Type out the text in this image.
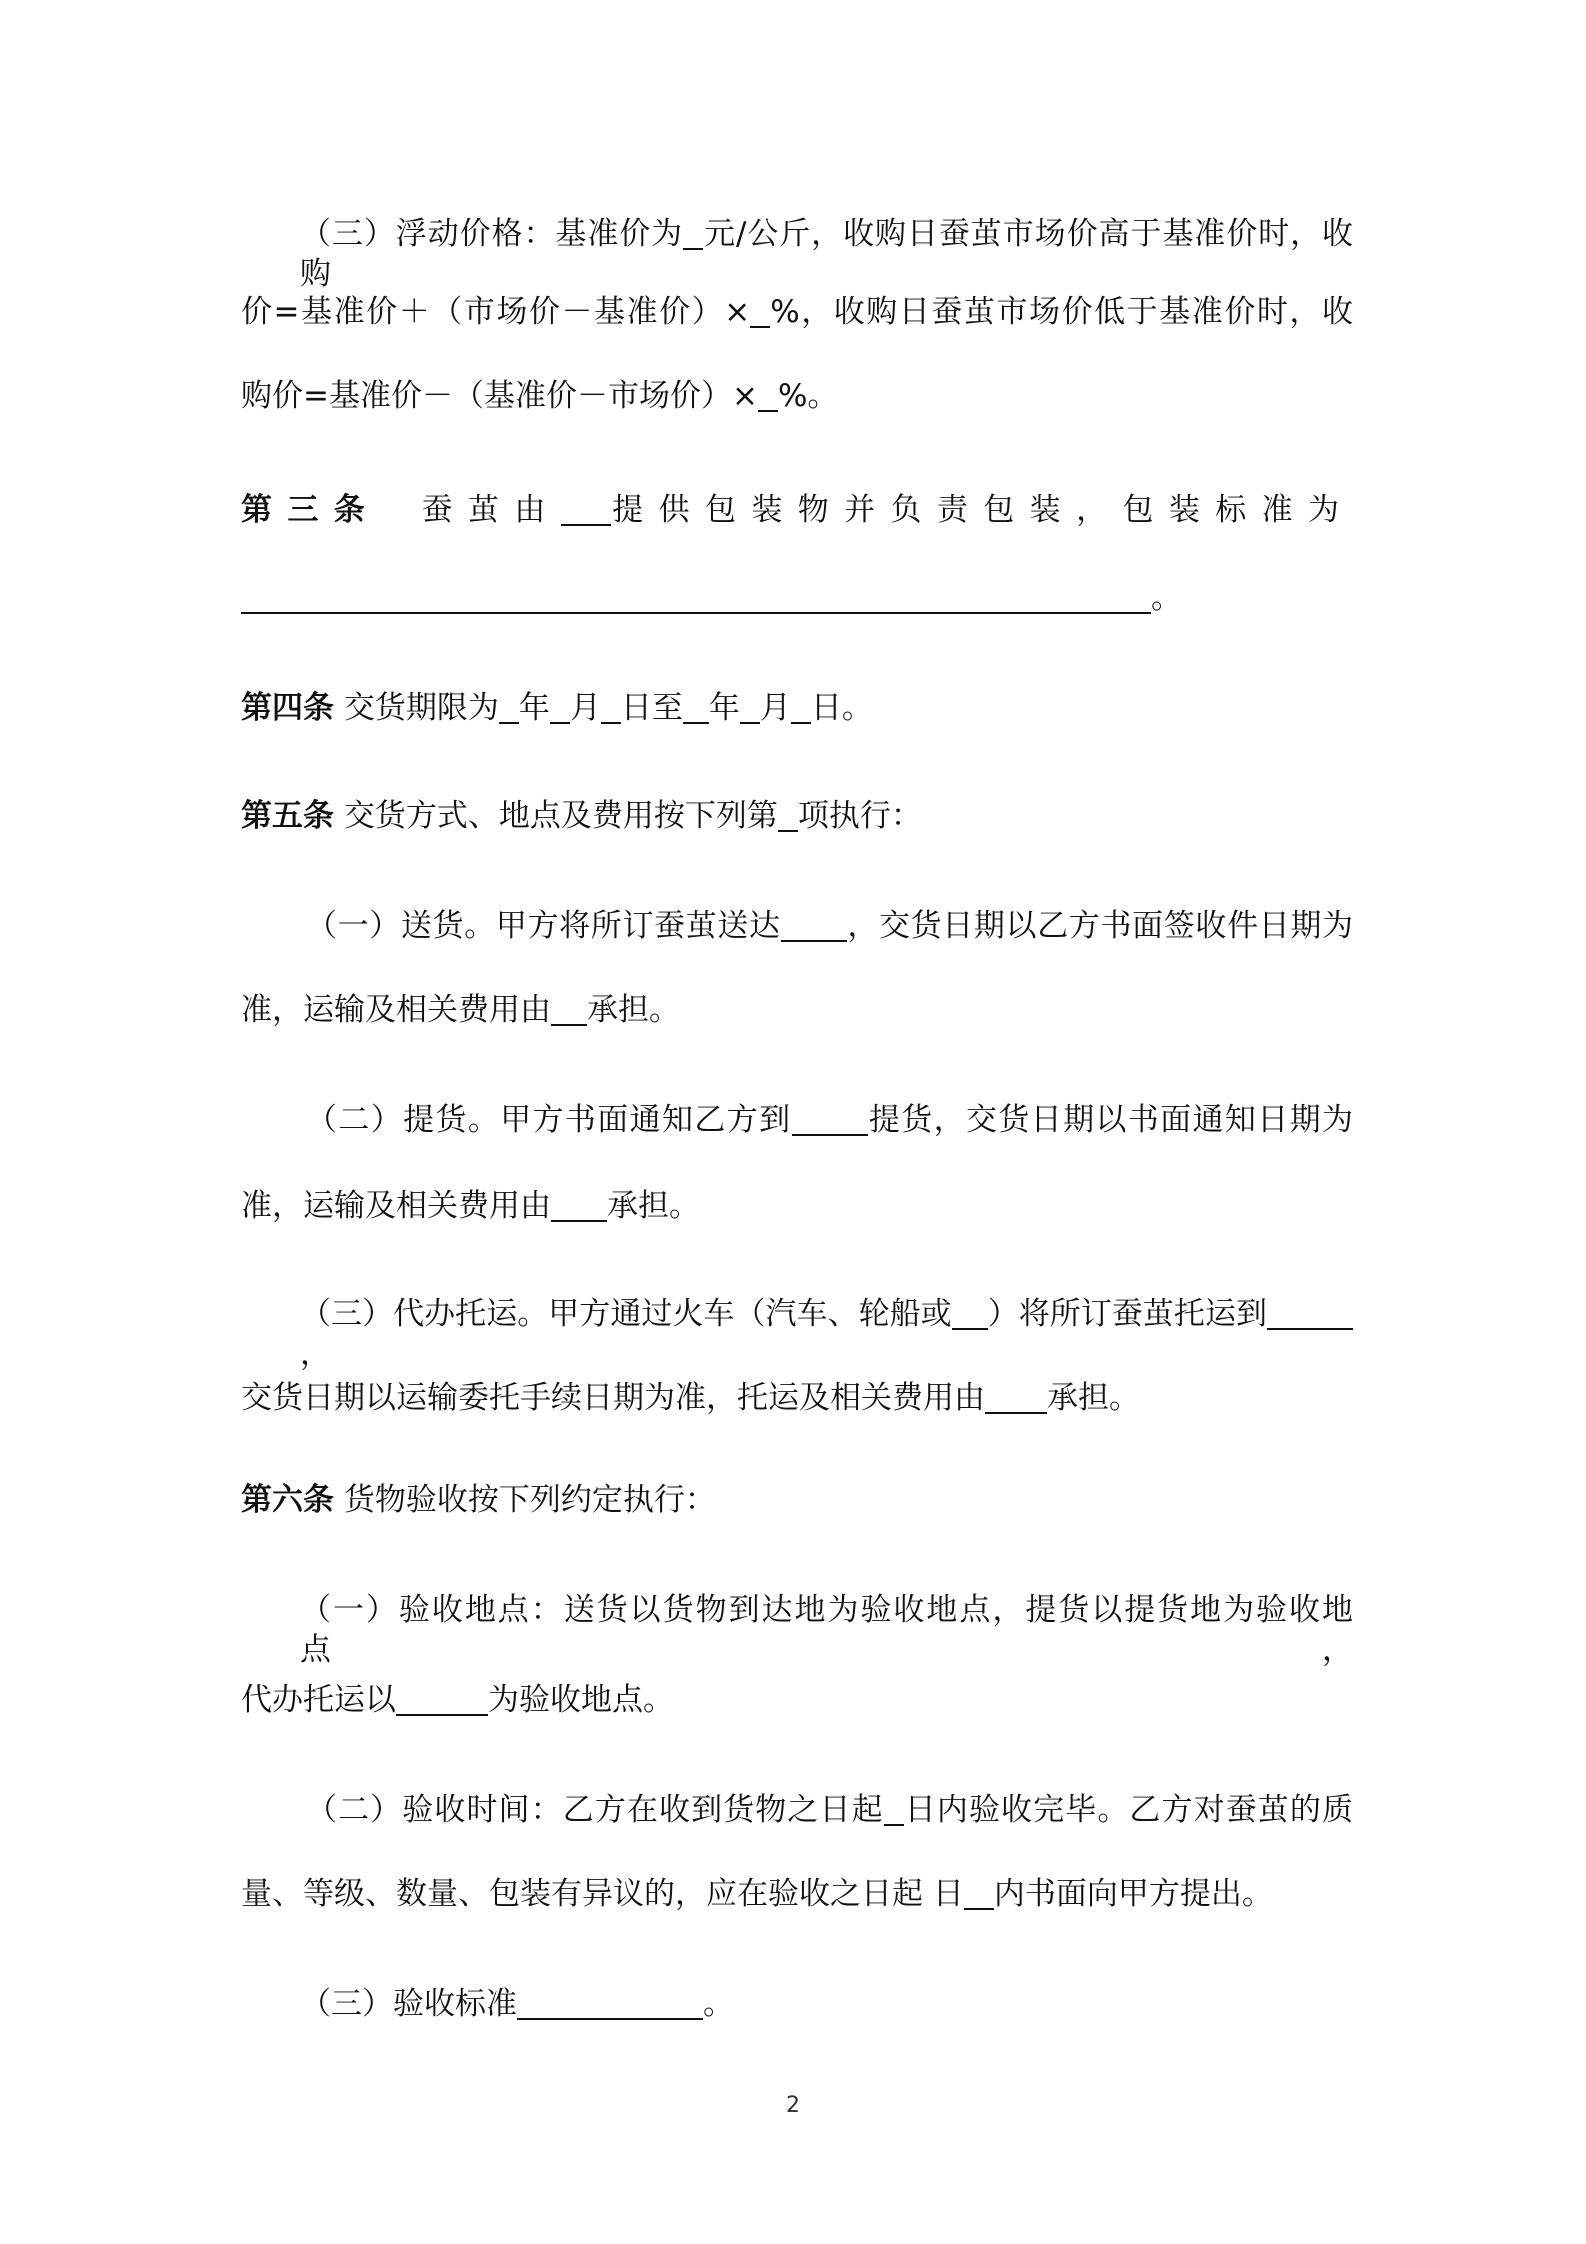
（三）浮动价格：基准价为 元/公斤，收购日蚕茧市场价高于基准价时，收购
价=基准价＋（市场价－基准价）× %，收购日蚕茧市场价低于基准价时，收
购价=基准价－（基准价－市场价）× %。
第三条 蚕茧由 提供包装物并负责包装，包装标准为
。
第四条 交货期限为 年 月 日至 年 月 日。
第五条 交货方式、地点及费用按下列第 项执行：
（一）送货。甲方将所订蚕茧送达 ，交货日期以乙方书面签收件日期为
准，运输及相关费用由 承担。
（二）提货。甲方书面通知乙方到 提货，交货日期以书面通知日期为
准，运输及相关费用由 承担。
（三）代办托运。甲方通过火车（汽车、轮船或 ）将所订蚕茧托运到，
交货日期以运输委托手续日期为准，托运及相关费用由 承担。
第六条 货物验收按下列约定执行：
（一）验收地点：送货以货物到达地为验收地点，提货以提货地为验收地点，
代办托运以	为验收地点。
（二）验收时间：乙方在收到货物之日起 日内验收完毕。乙方对蚕茧的质
量、等级、数量、包装有异议的，应在验收之日起 日 内书面向甲方提出。
（三）验收标准	。
2
